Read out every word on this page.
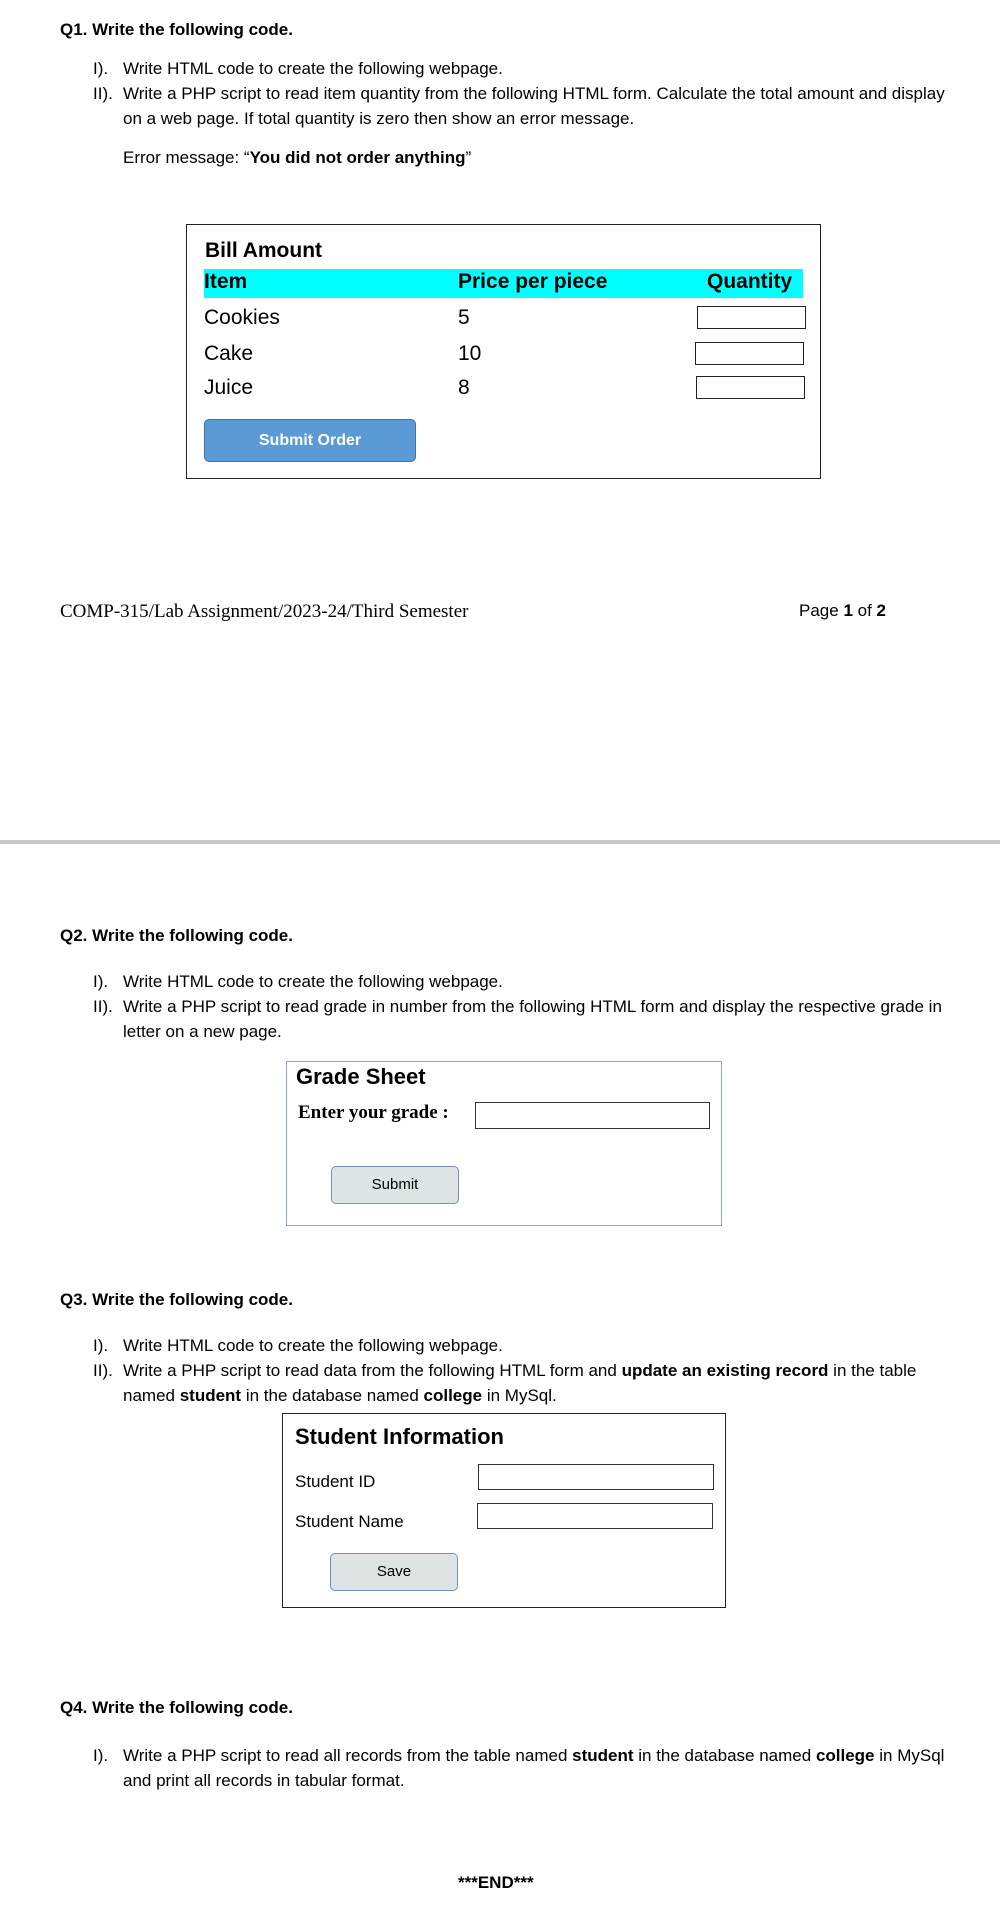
Q1. Write the following code.
I). Write HTML code to create the following webpage.
II). Write a PHP script to read item quantity from the following HTML form. Calculate the total amount and display on a web page. If total quantity is zero then show an error message.
Error message: “You did not order anything”
Bill Amount
Item	Price per piece	Quantity
Cookies	5
Cake	10
Juice	8
Submit Order
COMP-315/Lab Assignment/2023-24/Third Semester	Page 1 of 2
Q2. Write the following code.
I). Write HTML code to create the following webpage.
II). Write a PHP script to read grade in number from the following HTML form and display the respective grade in letter on a new page.
Grade Sheet
Enter your grade :
Submit
Q3. Write the following code.
I). Write HTML code to create the following webpage.
II). Write a PHP script to read data from the following HTML form and update an existing record in the table named student in the database named college in MySql.
Student Information
Student ID
Student Name
Save
Q4. Write the following code.
I). Write a PHP script to read all records from the table named student in the database named college in MySql and print all records in tabular format.
***END***
